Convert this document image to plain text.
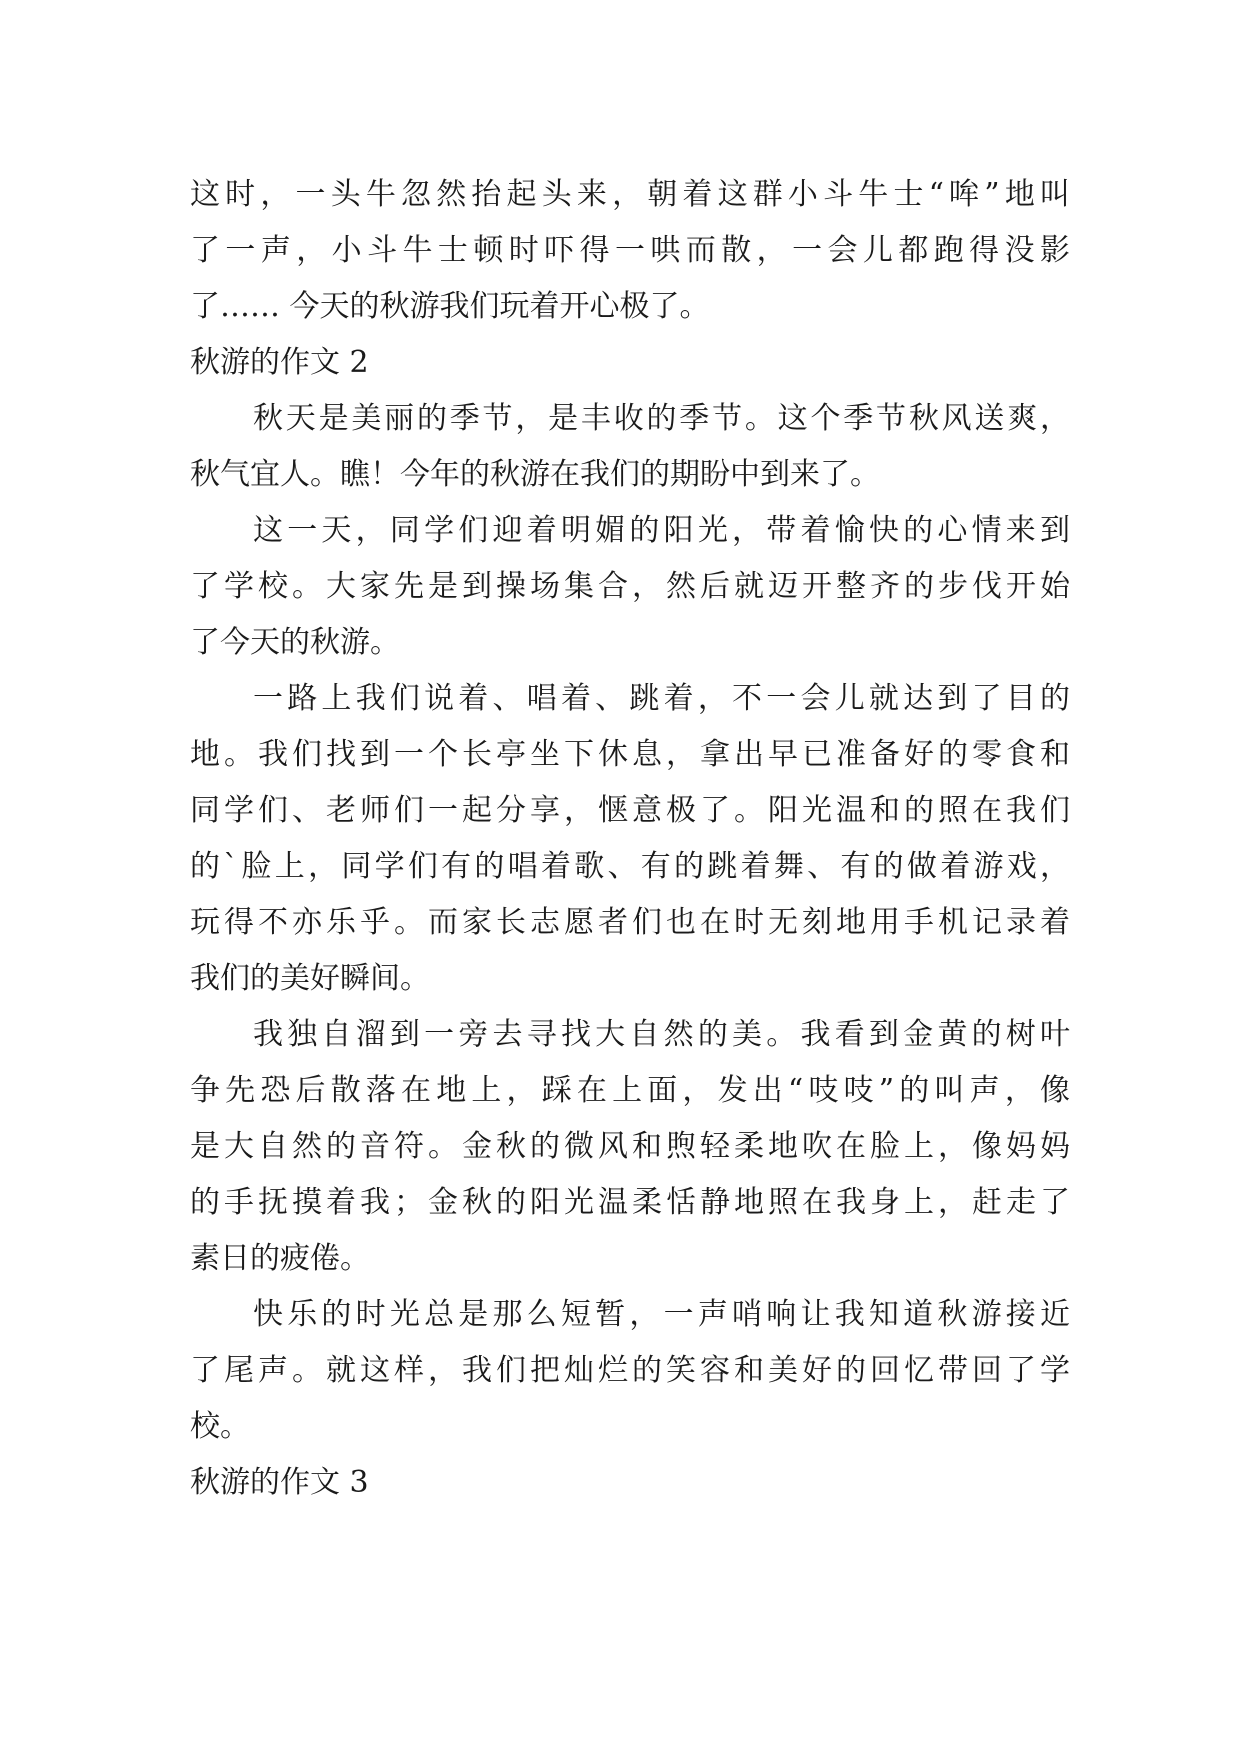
这时，一头牛忽然抬起头来，朝着这群小斗牛士“哞”地叫
了一声，小斗牛士顿时吓得一哄而散，一会儿都跑得没影
了…… 今天的秋游我们玩着开心极了。
秋游的作文 2
秋天是美丽的季节，是丰收的季节。这个季节秋风送爽，
秋气宜人。瞧！今年的秋游在我们的期盼中到来了。
这一天，同学们迎着明媚的阳光，带着愉快的心情来到
了学校。大家先是到操场集合，然后就迈开整齐的步伐开始
了今天的秋游。
一路上我们说着、唱着、跳着，不一会儿就达到了目的
地。我们找到一个长亭坐下休息，拿出早已准备好的零食和
同学们、老师们一起分享，惬意极了。阳光温和的照在我们
的`脸上，同学们有的唱着歌、有的跳着舞、有的做着游戏，
玩得不亦乐乎。而家长志愿者们也在时无刻地用手机记录着
我们的美好瞬间。
我独自溜到一旁去寻找大自然的美。我看到金黄的树叶
争先恐后散落在地上，踩在上面，发出“吱吱”的叫声，像
是大自然的音符。金秋的微风和煦轻柔地吹在脸上，像妈妈
的手抚摸着我；金秋的阳光温柔恬静地照在我身上，赶走了
素日的疲倦。
快乐的时光总是那么短暂，一声哨响让我知道秋游接近
了尾声。就这样，我们把灿烂的笑容和美好的回忆带回了学
校。
秋游的作文 3
